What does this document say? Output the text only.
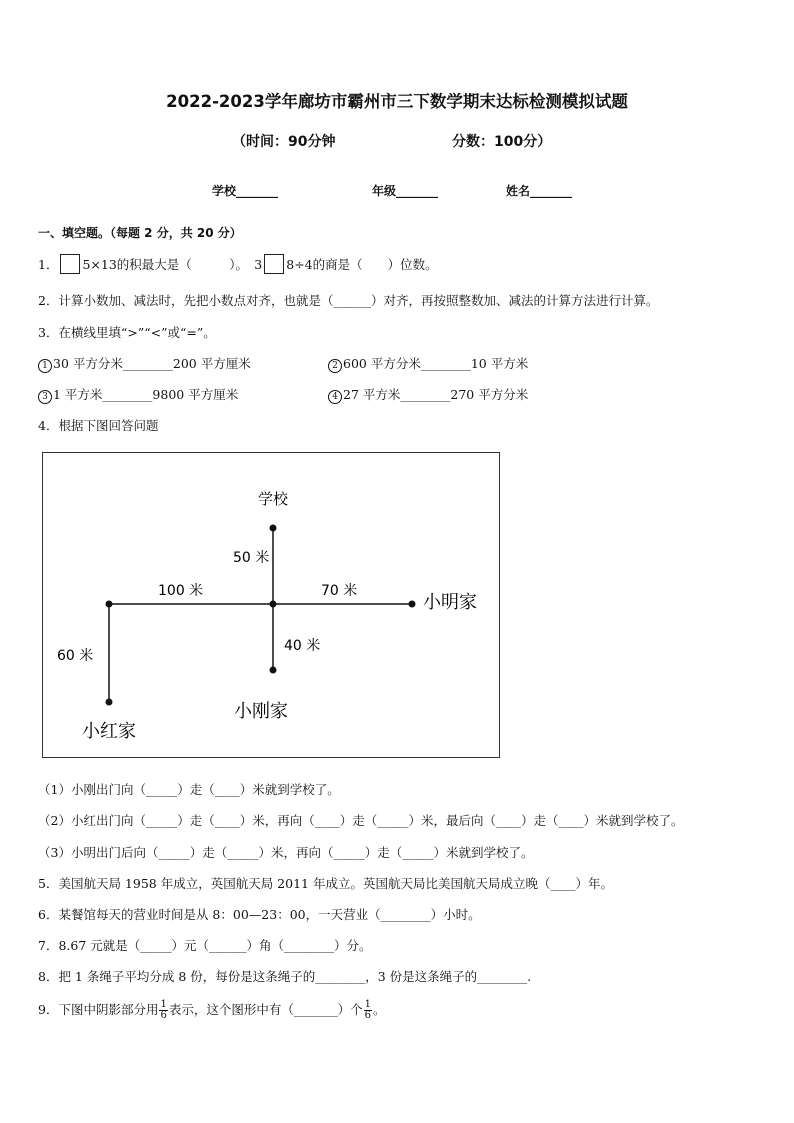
2022-2023学年廊坊市霸州市三下数学期末达标检测模拟试题
（时间：90分钟	分数：100分）
学校_______	年级_______	姓名_______
一、填空题。（每题 2 分，共 20 分）
1． 5×13的积最大是（　　　）。　3 8÷4的商是（　　）位数。
2．计算小数加、减法时，先把小数点对齐，也就是（______）对齐，再按照整数加、减法的计算方法进行计算。
3．在横线里填“>”“<”或“=”。
1 30 平方分米________200 平方厘米	2 600 平方分米________10 平方米
3 1 平方米________9800 平方厘米	4 27 平方米________270 平方分米
4．根据下图回答问题
学校
50 米
100 米	70 米
小明家
40 米
60 米
小刚家
小红家
（1）小刚出门向（_____）走（____）米就到学校了。
（2）小红出门向（_____）走（____）米，再向（____）走（_____）米，最后向（____）走（____）米就到学校了。
（3）小明出门后向（_____）走（_____）米，再向（_____）走（_____）米就到学校了。
5．美国航天局 1958 年成立，英国航天局 2011 年成立。英国航天局比美国航天局成立晚（____）年。
6．某餐馆每天的营业时间是从 8：00—23：00，一天营业（________）小时。
7．8.67 元就是（_____）元（______）角（________）分。
8．把 1 条绳子平均分成 8 份，每份是这条绳子的________，3 份是这条绳子的________.
9．下图中阴影部分用 $\frac{1}{6}$ 表示，这个图形中有（_______）个 $\frac{1}{6}$ 。
